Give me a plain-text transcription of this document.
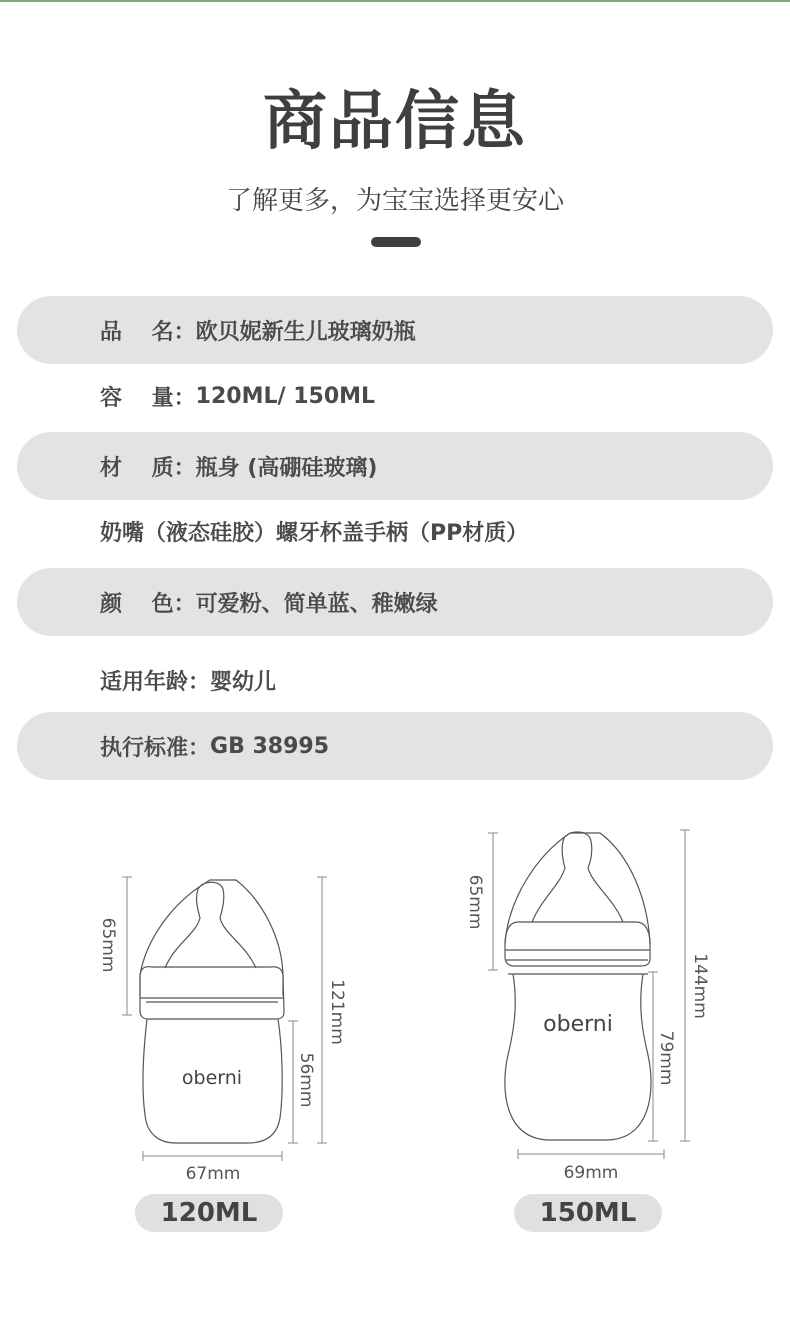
商品信息
了解更多，为宝宝选择更安心
品　 名： 欧贝妮新生儿玻璃奶瓶
容　 量： 120ML/ 150ML
材　 质： 瓶身 (高硼硅玻璃)
奶嘴（液态硅胶）螺牙杯盖手柄（PP材质）
颜　 色： 可爱粉、简单蓝、稚嫩绿
适用年龄： 婴幼儿
执行标准： GB 38995
oberni
oberni
65mm
121mm
56mm
67mm
65mm
144mm
79mm
69mm
120ML	150ML
